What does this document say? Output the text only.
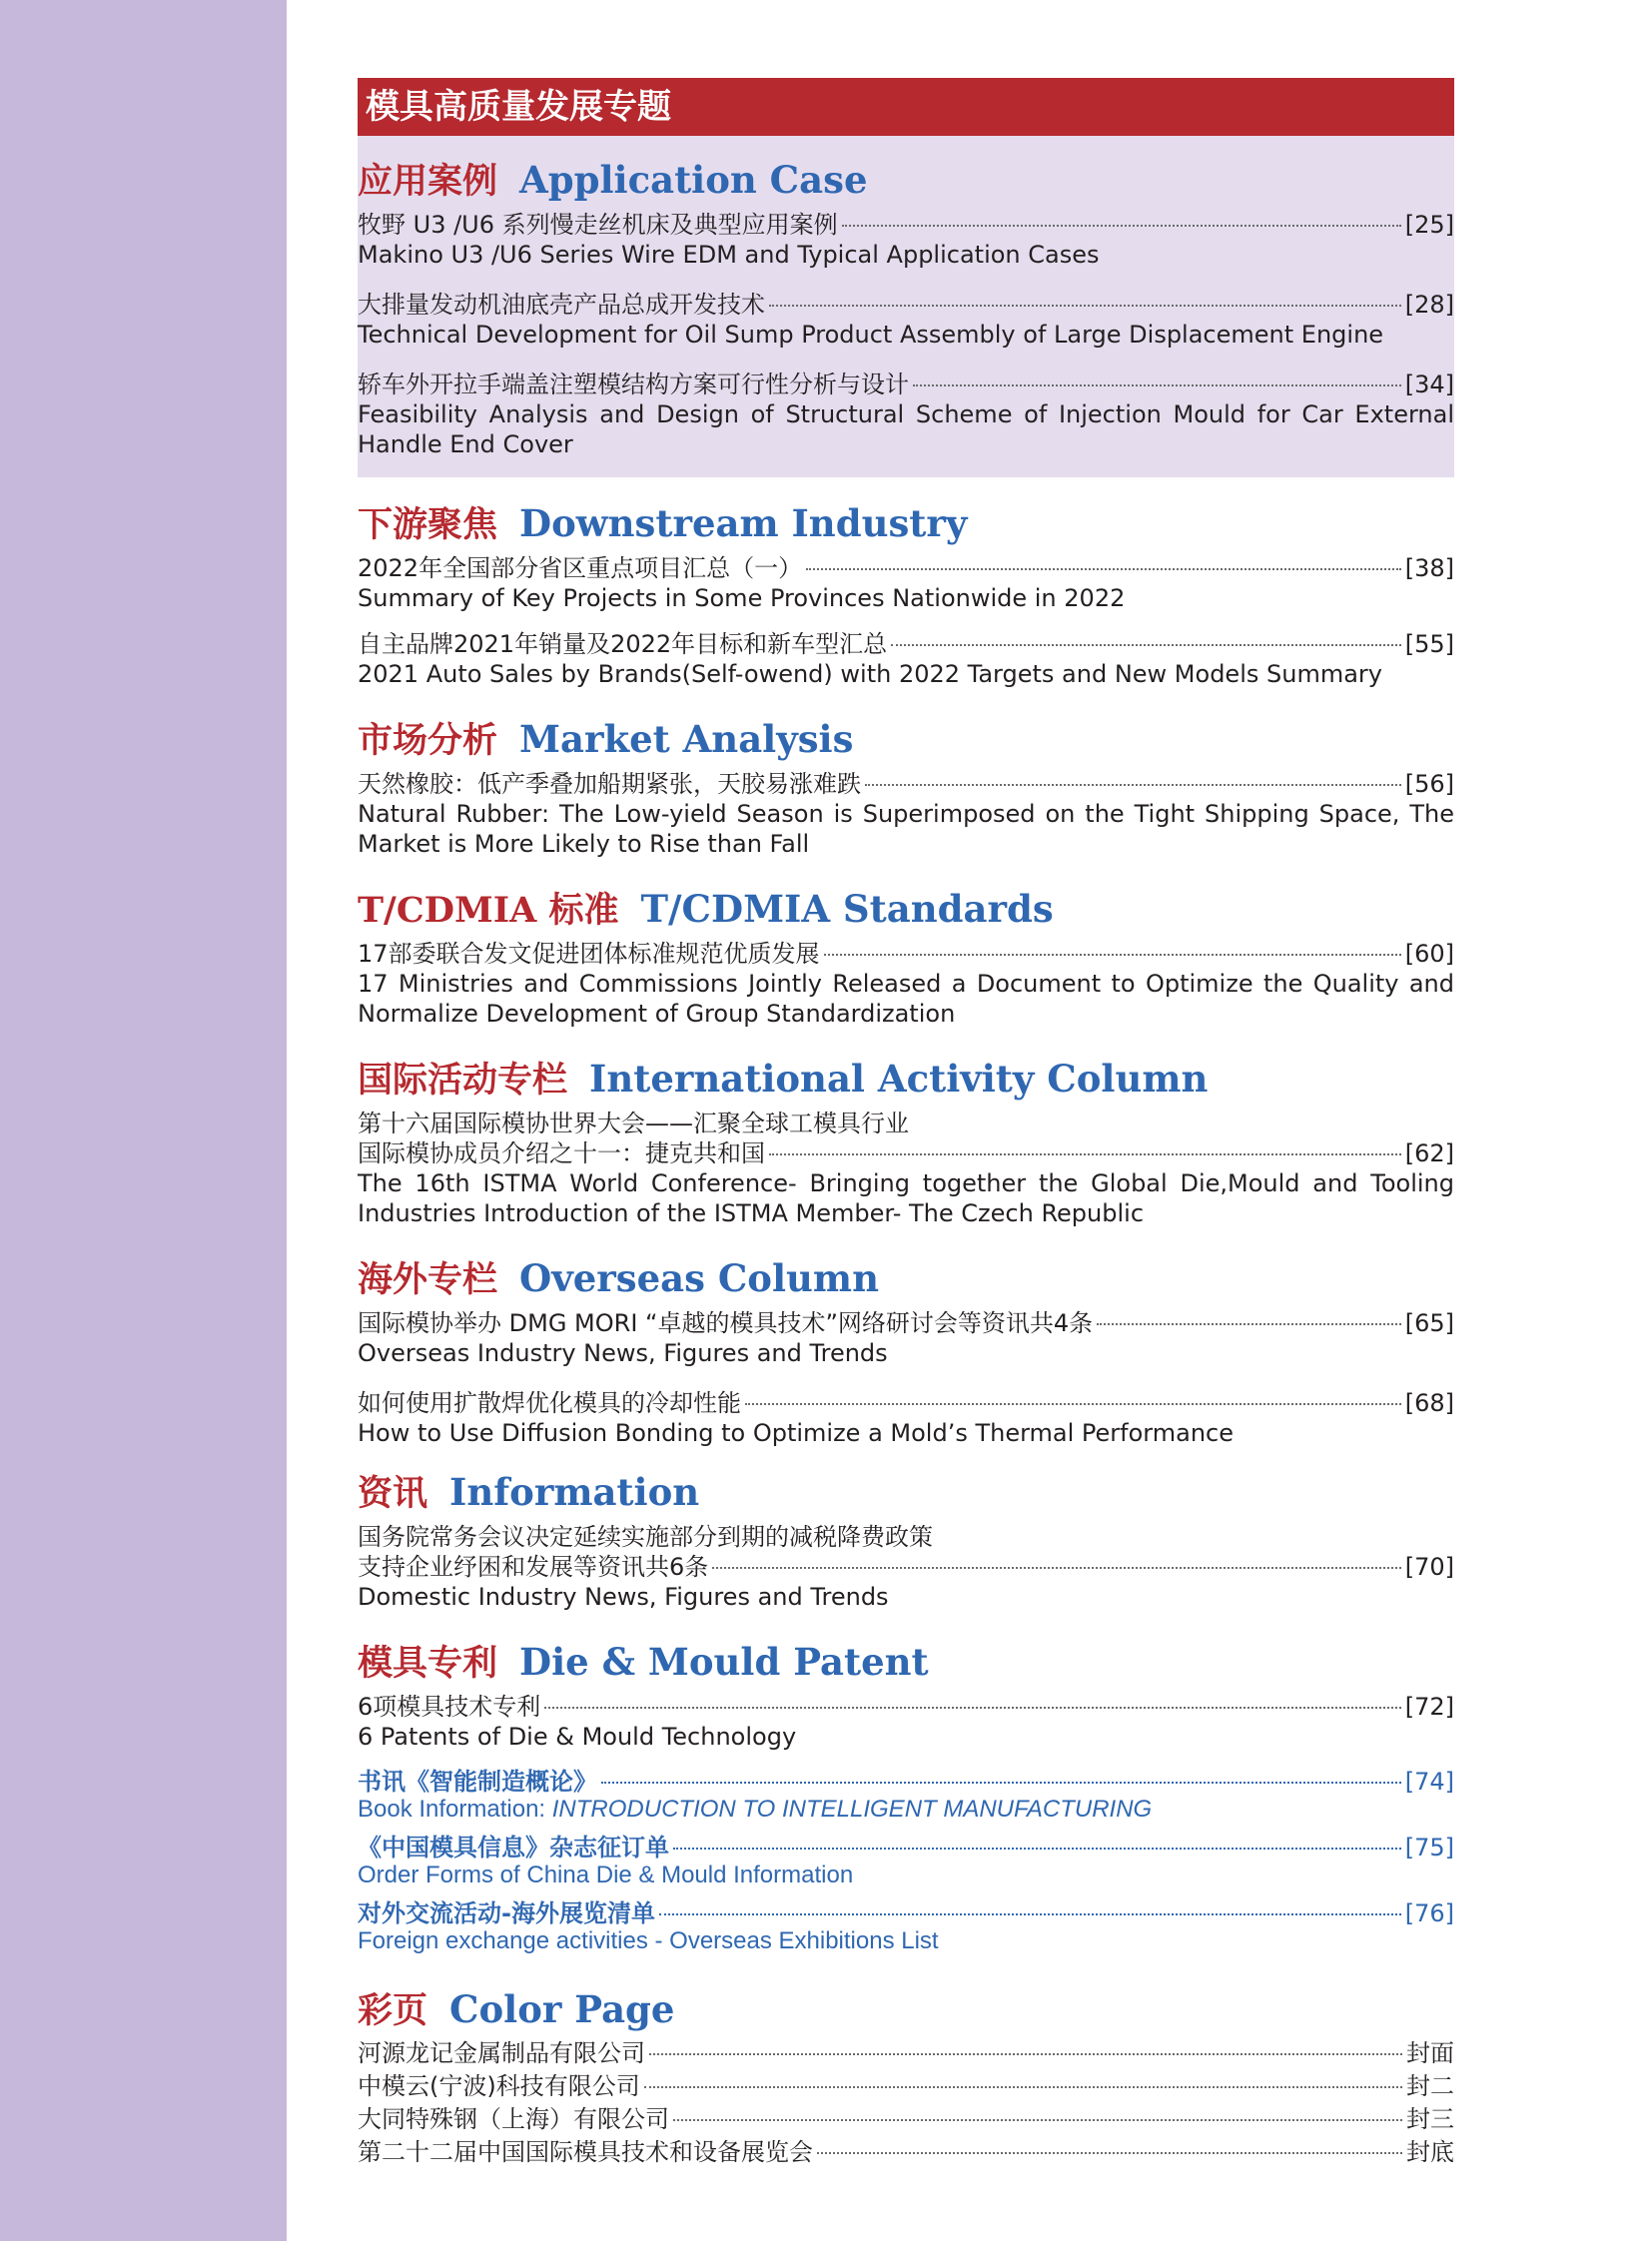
模具高质量发展专题
应用案例 Application Case
牧野 U3 /U6 系列慢走丝机床及典型应用案例	[25]
Makino U3 /U6 Series Wire EDM and Typical Application Cases
大排量发动机油底壳产品总成开发技术	[28]
Technical Development for Oil Sump Product Assembly of Large Displacement Engine
轿车外开拉手端盖注塑模结构方案可行性分析与设计	[34]
Feasibility Analysis and Design of Structural Scheme of Injection Mould for Car External Handle End Cover
下游聚焦 Downstream Industry
2022年全国部分省区重点项目汇总（一）	[38]
Summary of Key Projects in Some Provinces Nationwide in 2022
自主品牌2021年销量及2022年目标和新车型汇总	[55]
2021 Auto Sales by Brands(Self-owend) with 2022 Targets and New Models Summary
市场分析 Market Analysis
天然橡胶：低产季叠加船期紧张，天胶易涨难跌	[56]
Natural Rubber: The Low-yield Season is Superimposed on the Tight Shipping Space, The Market is More Likely to Rise than Fall
T/CDMIA 标准 T/CDMIA Standards
17部委联合发文促进团体标准规范优质发展	[60]
17 Ministries and Commissions Jointly Released a Document to Optimize the Quality and Normalize Development of Group Standardization
国际活动专栏 International Activity Column
第十六届国际模协世界大会——汇聚全球工模具行业
国际模协成员介绍之十一：捷克共和国	[62]
The 16th ISTMA World Conference- Bringing together the Global Die,Mould and Tooling Industries Introduction of the ISTMA Member- The Czech Republic
海外专栏 Overseas Column
国际模协举办 DMG MORI “卓越的模具技术”网络研讨会等资讯共4条	[65]
Overseas Industry News, Figures and Trends
如何使用扩散焊优化模具的冷却性能	[68]
How to Use Diffusion Bonding to Optimize a Mold’s Thermal Performance
资讯 Information
国务院常务会议决定延续实施部分到期的减税降费政策
支持企业纾困和发展等资讯共6条	[70]
Domestic Industry News, Figures and Trends
模具专利 Die & Mould Patent
6项模具技术专利	[72]
6 Patents of Die & Mould Technology
书讯《智能制造概论》	[74]
Book Information: INTRODUCTION TO INTELLIGENT MANUFACTURING
《中国模具信息》杂志征订单	[75]
Order Forms of China Die & Mould Information
对外交流活动-海外展览清单	[76]
Foreign exchange activities - Overseas Exhibitions List
彩页 Color Page
河源龙记金属制品有限公司	封面
中模云(宁波)科技有限公司	封二
大同特殊钢（上海）有限公司	封三
第二十二届中国国际模具技术和设备展览会	封底
